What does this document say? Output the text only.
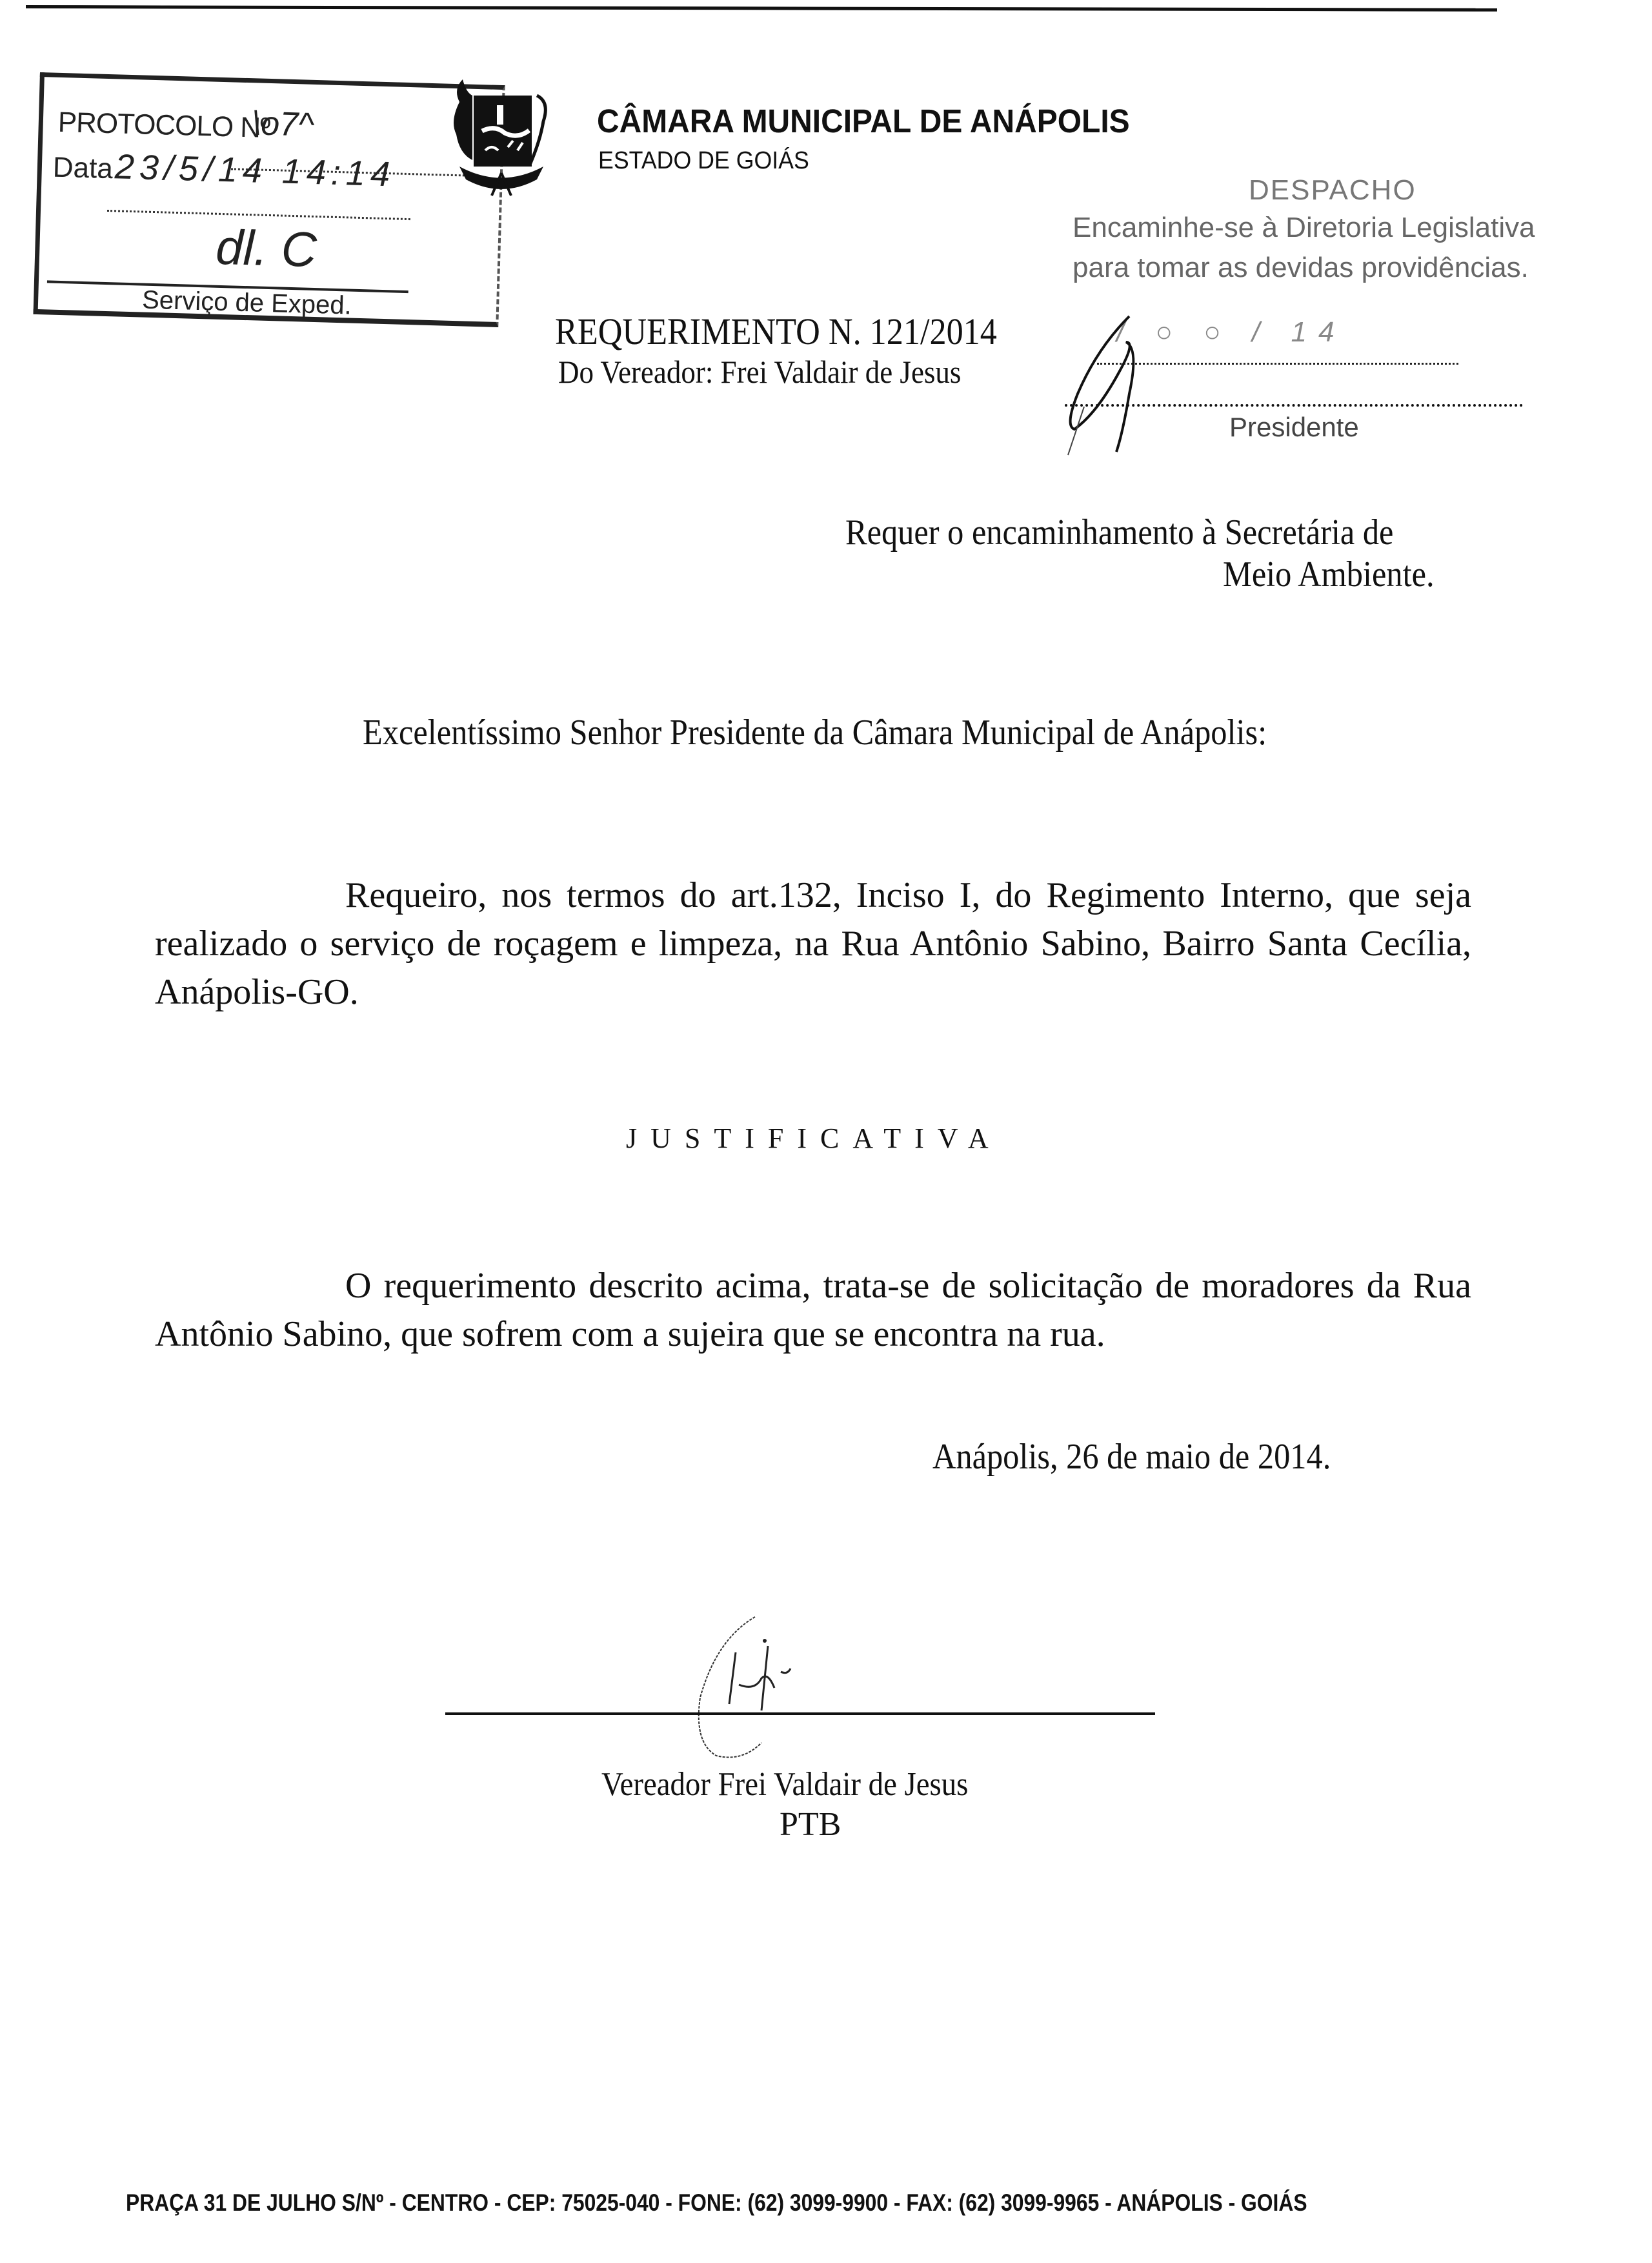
PROTOCOLO Nº
\o7^
Data 23/5/14 14:14
dl. C
Serviço de Exped.
CÂMARA MUNICIPAL DE ANÁPOLIS
ESTADO DE GOIÁS
DESPACHO
Encaminhe-se à Diretoria Legislativa
para tomar as devidas providências.
/ ○ ○ / 14
Presidente
REQUERIMENTO N. 121/2014
Do Vereador: Frei Valdair de Jesus
Requer o encaminhamento à Secretária de
Meio Ambiente.
Excelentíssimo Senhor Presidente da Câmara Municipal de Anápolis:
Requeiro, nos termos do art.132, Inciso I, do Regimento Interno, que seja realizado o serviço de roçagem e limpeza, na Rua Antônio Sabino, Bairro Santa Cecília, Anápolis-GO.
JUSTIFICATIVA
O requerimento descrito acima, trata-se de solicitação de moradores da Rua Antônio Sabino, que sofrem com a sujeira que se encontra na rua.
Anápolis, 26 de maio de 2014.
Vereador Frei Valdair de Jesus
PTB
PRAÇA 31 DE JULHO S/Nº - CENTRO - CEP: 75025-040 - FONE: (62) 3099-9900 - FAX: (62) 3099-9965 - ANÁPOLIS - GOIÁS
